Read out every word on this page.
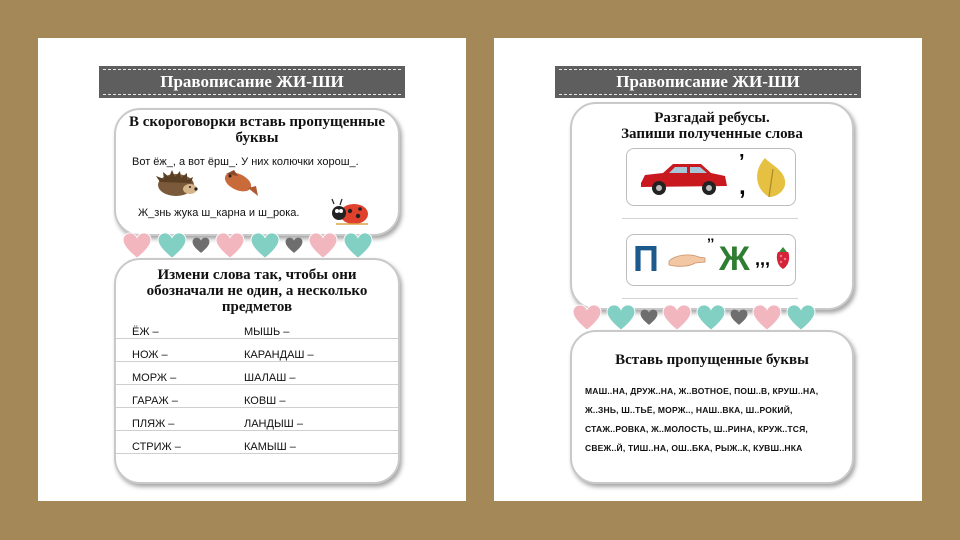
Правописание ЖИ-ШИ
В скороговорки вставь пропущенные
буквы
Вот ёж_, а вот ёрш_. У них колючки хорош_.
Ж_знь жука ш_карна и ш_рока.
Измени слова так, чтобы они
обозначали не один, а несколько
предметов
ЁЖ –
НОЖ –
МОРЖ –
ГАРАЖ –
ПЛЯЖ –
СТРИЖ –
МЫШЬ –
КАРАНДАШ –
ШАЛАШ –
КОВШ –
ЛАНДЫШ –
КАМЫШ –
Правописание ЖИ-ШИ
Разгадай ребусы.
Запиши полученные слова
’
,
П	’’ Ж ,,,
Вставь пропущенные буквы
МАШ..НА, ДРУЖ..НА, Ж..ВОТНОЕ, ПОШ..В, КРУШ..НА,
Ж..ЗНЬ, Ш..ТЬЁ, МОРЖ.., НАШ..ВКА, Ш..РОКИЙ,
СТАЖ..РОВКА, Ж..МОЛОСТЬ, Ш..РИНА, КРУЖ..ТСЯ,
СВЕЖ..Й, ТИШ..НА, ОШ..БКА, РЫЖ..К, КУВШ..НКА
